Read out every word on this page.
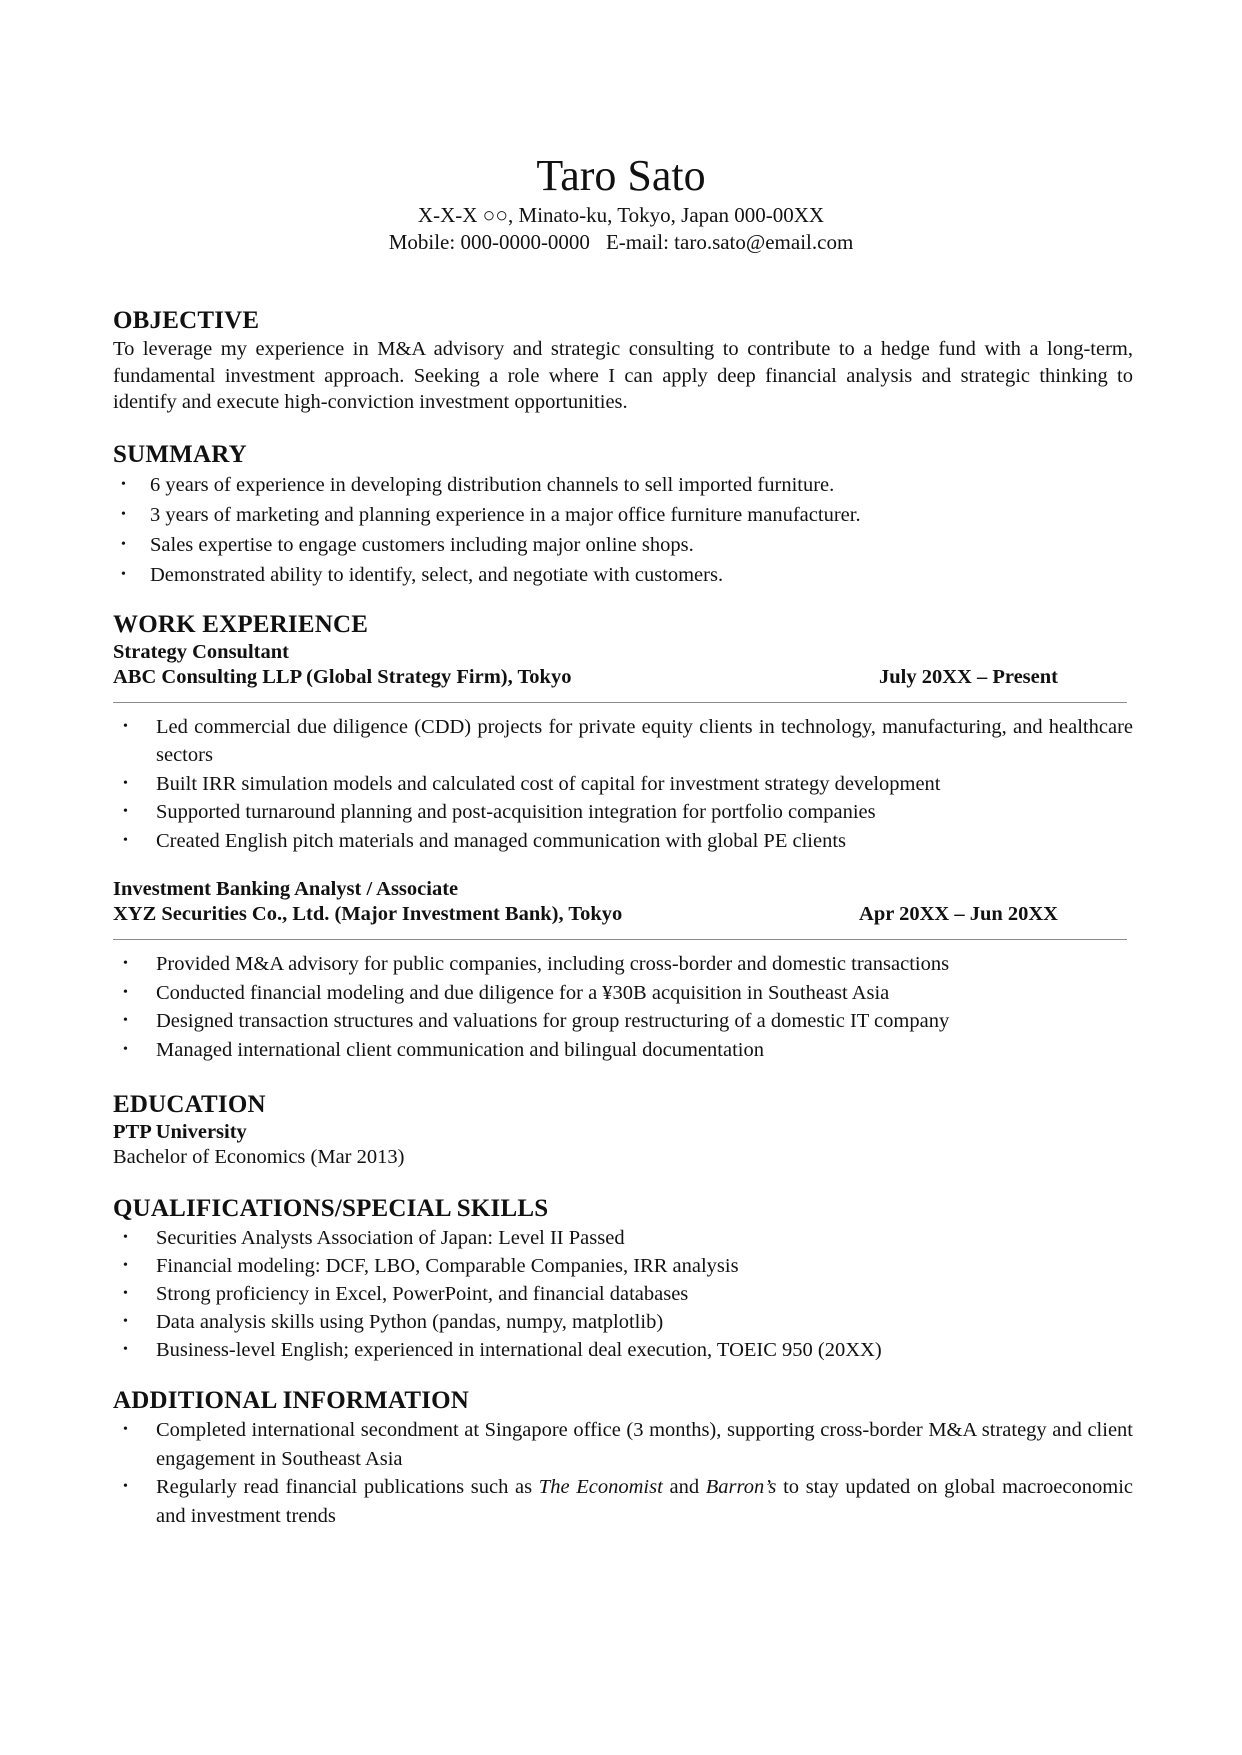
Taro Sato

X-X-X ○○, Minato-ku, Tokyo, Japan 000-00XX

Mobile: 000-0000-0000 E-mail: taro.sato@email.com

OBJECTIVE

To leverage my experience in M&A advisory and strategic consulting to contribute to a hedge fund with a long-term, fundamental investment approach. Seeking a role where I can apply deep financial analysis and strategic thinking to identify and execute high-conviction investment opportunities.

SUMMARY
• 6 years of experience in developing distribution channels to sell imported furniture.
• 3 years of marketing and planning experience in a major office furniture manufacturer.
• Sales expertise to engage customers including major online shops.
• Demonstrated ability to identify, select, and negotiate with customers.
WORK EXPERIENCE

Strategy Consultant

ABC Consulting LLP (Global Strategy Firm), Tokyo	July 20XX – Present

• Led commercial due diligence (CDD) projects for private equity clients in technology, manufacturing, and healthcare sectors
• Built IRR simulation models and calculated cost of capital for investment strategy development
• Supported turnaround planning and post-acquisition integration for portfolio companies
• Created English pitch materials and managed communication with global PE clients

Investment Banking Analyst / Associate

XYZ Securities Co., Ltd. (Major Investment Bank), Tokyo	Apr 20XX – Jun 20XX

• Provided M&A advisory for public companies, including cross-border and domestic transactions
• Conducted financial modeling and due diligence for a ¥30B acquisition in Southeast Asia
• Designed transaction structures and valuations for group restructuring of a domestic IT company
• Managed international client communication and bilingual documentation
EDUCATION

PTP University

Bachelor of Economics (Mar 2013)

QUALIFICATIONS/SPECIAL SKILLS
• Securities Analysts Association of Japan: Level II Passed
• Financial modeling: DCF, LBO, Comparable Companies, IRR analysis
• Strong proficiency in Excel, PowerPoint, and financial databases
• Data analysis skills using Python (pandas, numpy, matplotlib)
• Business-level English; experienced in international deal execution, TOEIC 950 (20XX)
ADDITIONAL INFORMATION
• Completed international secondment at Singapore office (3 months), supporting cross-border M&A strategy and client engagement in Southeast Asia
• Regularly read financial publications such as The Economist and Barron’s to stay updated on global macroeconomic and investment trends
